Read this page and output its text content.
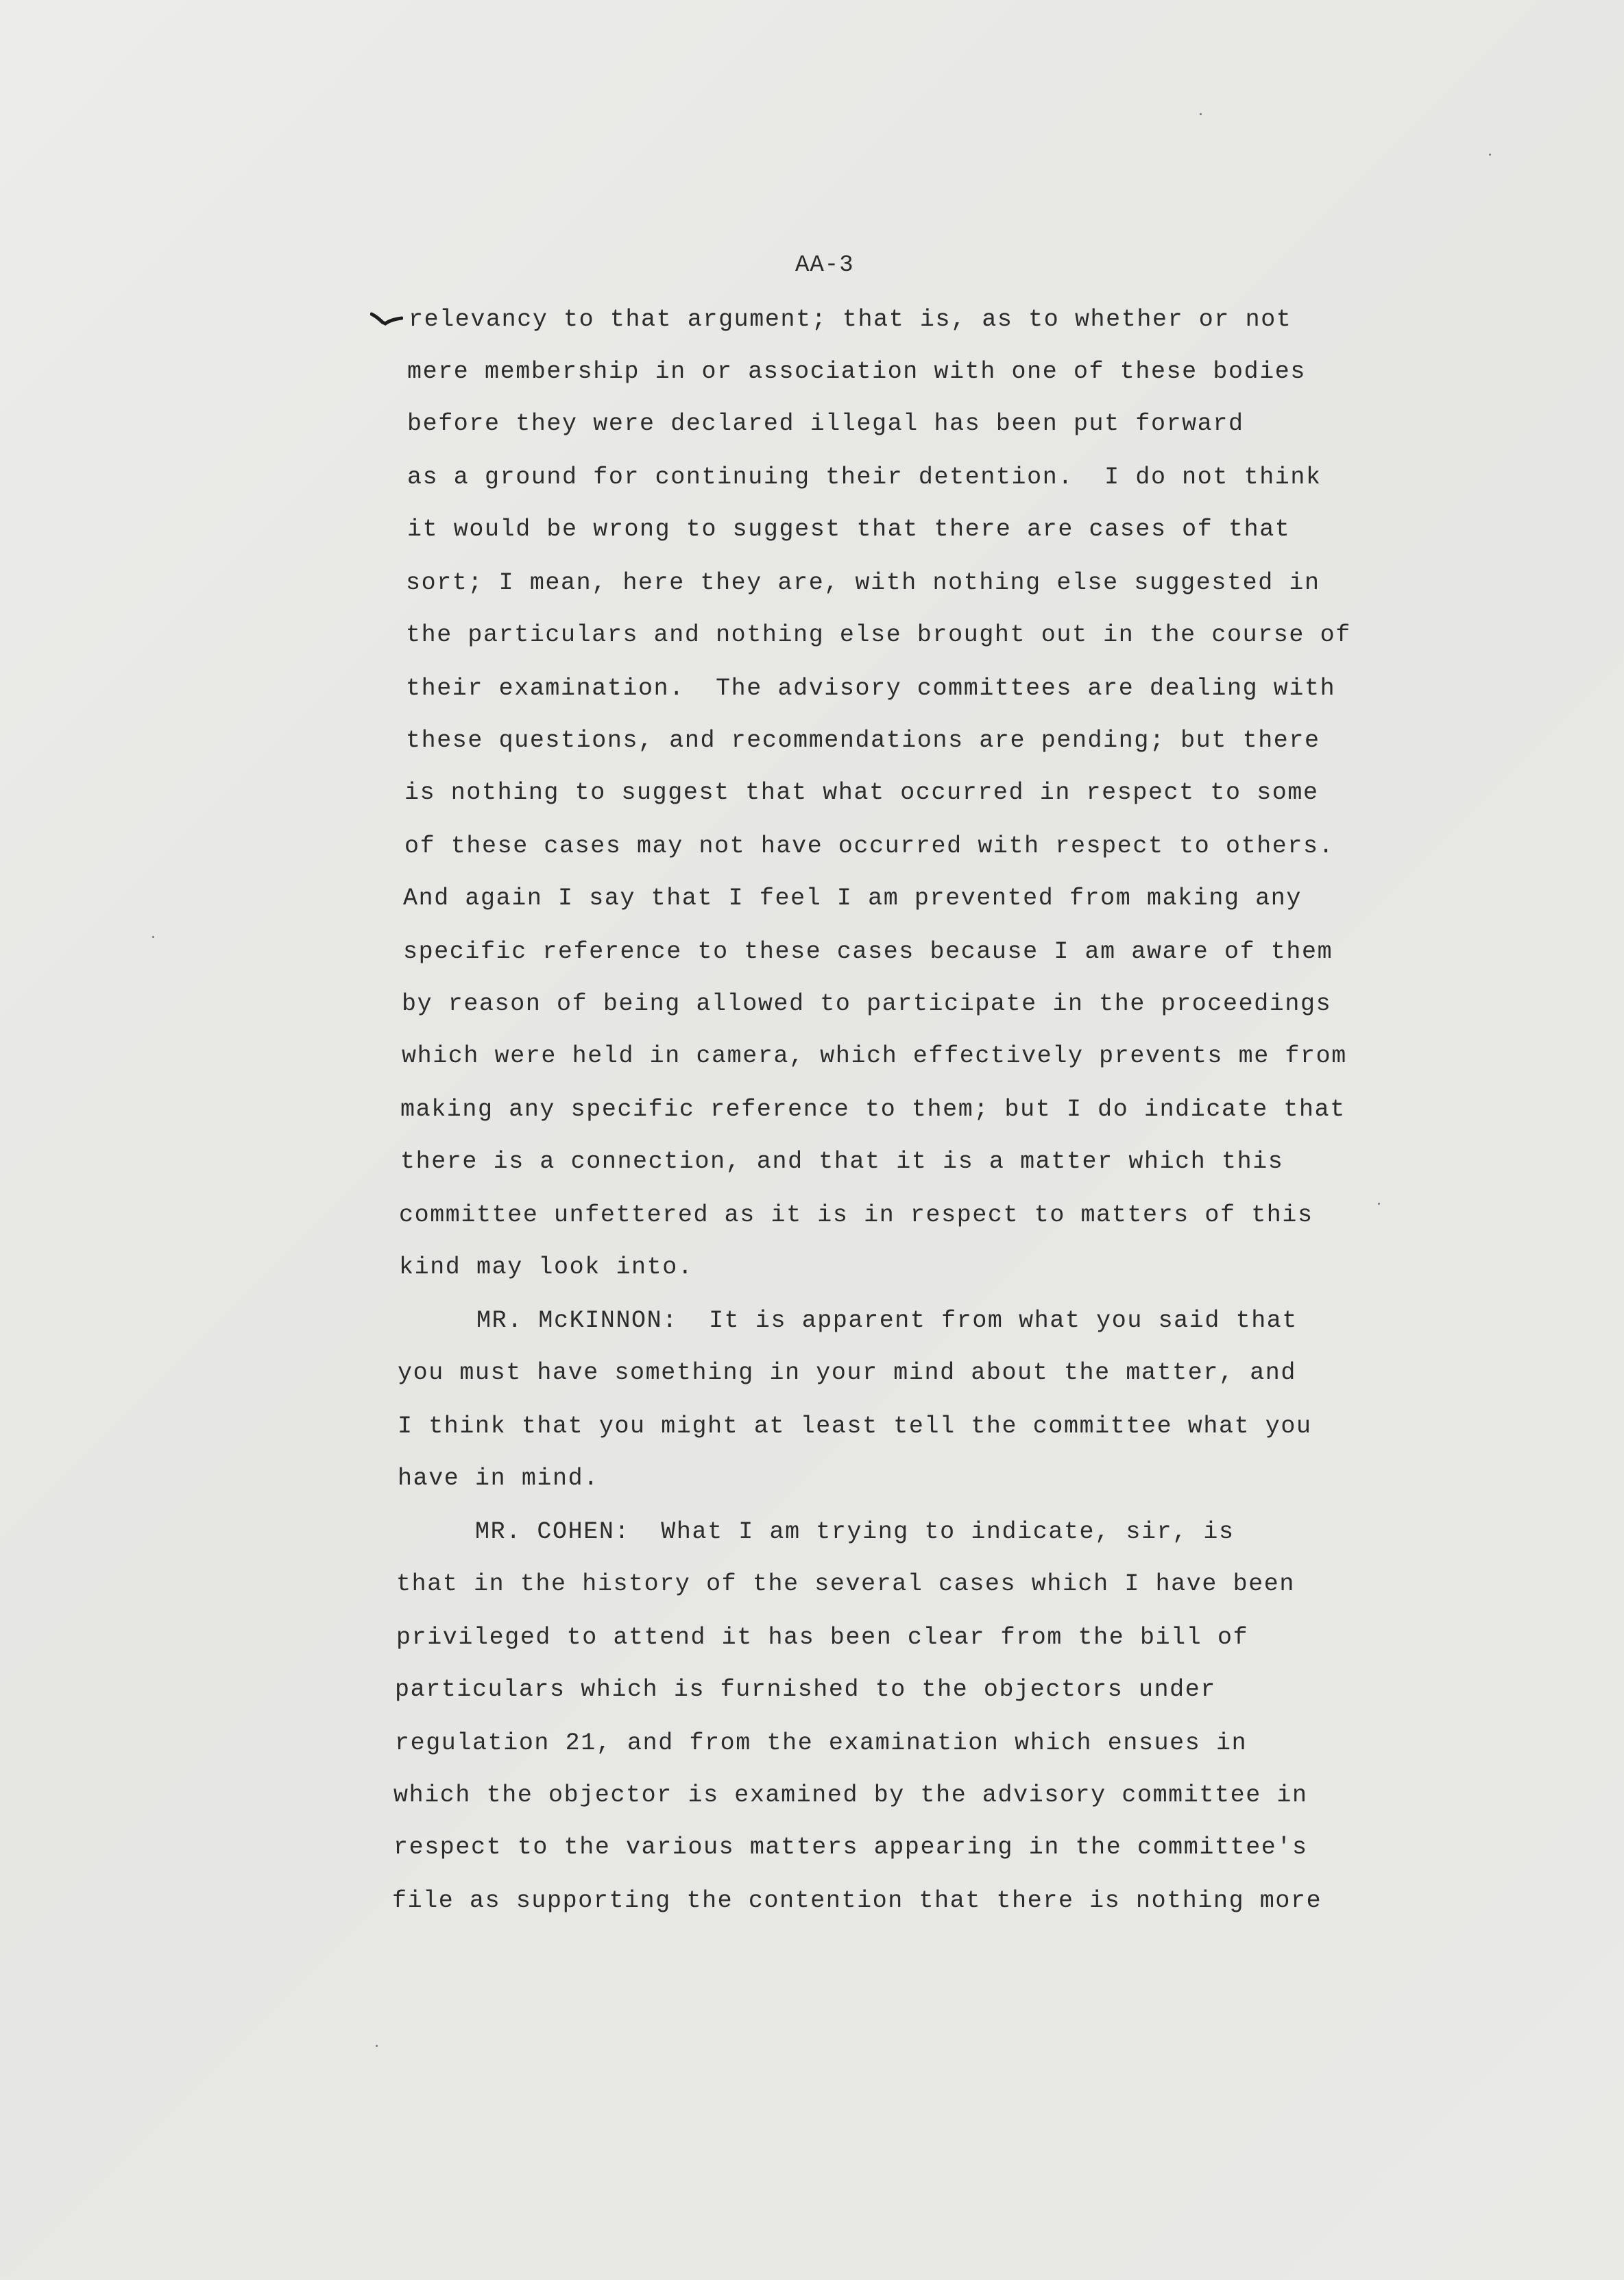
AA-3
relevancy to that argument; that is, as to whether or not
mere membership in or association with one of these bodies
before they were declared illegal has been put forward
as a ground for continuing their detention.  I do not think
it would be wrong to suggest that there are cases of that
sort; I mean, here they are, with nothing else suggested in
the particulars and nothing else brought out in the course of
their examination.  The advisory committees are dealing with
these questions, and recommendations are pending; but there
is nothing to suggest that what occurred in respect to some
of these cases may not have occurred with respect to others.
And again I say that I feel I am prevented from making any
specific reference to these cases because I am aware of them
by reason of being allowed to participate in the proceedings
which were held in camera, which effectively prevents me from
making any specific reference to them; but I do indicate that
there is a connection, and that it is a matter which this
committee unfettered as it is in respect to matters of this
kind may look into.
MR. McKINNON:  It is apparent from what you said that
you must have something in your mind about the matter, and
I think that you might at least tell the committee what you
have in mind.
MR. COHEN:  What I am trying to indicate, sir, is
that in the history of the several cases which I have been
privileged to attend it has been clear from the bill of
particulars which is furnished to the objectors under
regulation 21, and from the examination which ensues in
which the objector is examined by the advisory committee in
respect to the various matters appearing in the committee's
file as supporting the contention that there is nothing more
